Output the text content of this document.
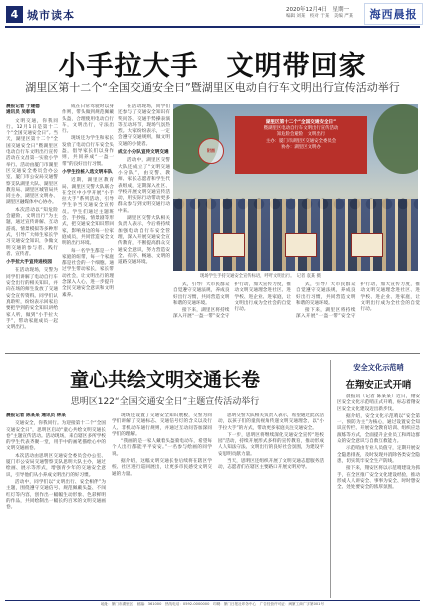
4 城市读本	2020年12月4日　星期一
编辑 刘某　校对 于某　美编 严某 海西晨报
小手拉大手　文明带回家
湖里区第十二个“全国交通安全日”暨湖里区电动自行车文明出行宣传活动举行
晨报记者 于建德
通讯员 吴彰鸿
文明交通，你我同行。12月1日是第十二个“全国交通安全日”。当天，湖里区第十二个“全国交通安全日”暨湖里区电动自行车文明出行宣传活动在文昌第一实验小学举行。活动由厦门市湖里区交通安全委员会办公室、厦门市公安局交通警察支队湖里大队、湖里区教育局、湖里区城管局共同主办，湖里区文明办、湖里区融媒体中心协办。
本次活动以“知危险会避险，文明出行”为主题，通过宣传讲解、互动游戏、情景模拟等多种形式，引导广大师生家长学习交通安全知识，争做文明交通的参与者、践行者、宣传者。
小手拉大手宣传进校园
在活动现场，交警为同学们讲解了电动自行车安全出行的相关知识，并向在场的师生发放了交通安全宣传资料。同学们认真聆听，纷纷表示回家后要把学到的安全知识讲给家人听，做到“小手拉大手”，带动家庭成员一起文明出行。
成在日常驾驶时以身作则，带头做到规范佩戴头盔，合理使用电动自行车，文明出行，守法出行。
现场还为学生和家长发放了电动自行车安全头盔，倡导家长们以身作则，共同养成“一盔一带”的良好出行习惯。
小学生拉桩入选文明车队
近期，湖里区教育局、湖里区交警大队联合在全区中小学开展“小手拉大手”系列活动，引导学生争当交通安全宣传员。学生们通过主题班会、手抄报、情景剧等形式，把交通安全知识带回家，影响身边的每一位家庭成员，共同营造安全文明的出行环境。
每一名学生都是一个家庭的纽带，每一个家庭都是社会的一个细胞。通过学生带动家长，家长带动社会，让文明出行的理念深入人心，进一步提升全民交通安全意识和文明素养。
在活动现场，同学们还参与了交通安全知识有奖问答、交通手势操表演等互动环节，现场气氛热烈。大家纷纷表示，一定会遵守交通规则，做文明交通的小使者。
成立小分队宣传文明交通
活动中，湖里区交警大队还成立了“文明交通小分队”，由交警、教师、家长志愿者和学生代表组成，定期深入社区、学校开展文明交通宣传活动，用实际行动带动更多群众参与到文明交通行动中来。
湖里区交警大队相关负责人表示，今后将持续加强电动自行车安全管理，深入开展交通安全宣传教育，不断提高群众交通安全意识，努力营造安全、有序、畅通、文明的道路交通环境。
湖里区第十二个“全国交通安全日”
暨湖里区电动自行车文明出行宣传活动
知危险会避险　文明出行
主办：厦门市湖里区交通安全委员会
协办：湖里区文明办
附图
现场学生手持交通安全宣传标语，呼吁文明出行。　记者 袁某 摄
式，引导广大市民群众自觉遵守交通法规，养成良好出行习惯，共同营造文明和谐的交通环境。
接下来，湖里区将持续深入开展“一盔一带”安全守护行动，加大宣传力度，推动文明交通理念进社区、进学校、进企业、进家庭，让文明出行成为全社会的自觉行动。
式，引导广大市民群众自觉遵守交通法规，养成良好出行习惯，共同营造文明和谐的交通环境。
接下来，湖里区将持续深入开展“一盔一带”安全守护行动，加大宣传力度，推动文明交通理念进社区、进学校、进企业、进家庭，让文明出行成为全社会的自觉行动。
童心共绘文明交通长卷
思明区122“全国交通安全日”主题宣传活动举行
晨报记者 陈某某 通讯员 林某
交通安全，你我同行。为迎接第十二个“全国交通安全日”，思明区启动“童心共绘文明交通长卷”主题宣传活动。活动现场，来自辖区多所学校的学生代表齐聚一堂，用手中的画笔描绘心中的文明交通画卷。
本次活动由思明区交通安全委员会办公室、厦门市公安局交通警察支队思明大队主办，通过绘画、展示等形式，增强青少年的交通安全意识，引导他们从小养成文明出行的好习惯。
活动中，同学们以“文明出行、安全相伴”为主题，围绕遵守交通信号、规范佩戴头盔、不闯红灯等内容，创作出一幅幅生动形象、色彩鲜明的作品，共同绘制出一幅长约百米的文明交通画卷。
现场还设置了交通安全知识展板，交警为同学们讲解了交通标志、交通信号灯的含义以及行人、非机动车通行规则，并通过互动问答加深同学们的理解。
“我画的是一家人戴着头盔骑电动车，希望每个人出行都能平平安安。”一名参与绘画的同学说。
据介绍，这幅文明交通长卷后续将在辖区学校、社区进行巡回展出，让更多市民感受文明交通的力量。
思明交警大队相关负责人表示，希望通过此次活动，以孩子们的童真视角传递文明交通理念，以“小手拉大手”的方式，带动更多家庭关注交通安全。
下一步，思明区将继续深化交通安全宣传“进校园”活动，持续开展形式多样的宣传教育，推动形成人人知法守法、文明出行的良好社会氛围，为建设平安思明贡献力量。
当天，思明区还组织开展了文明交通志愿服务活动，志愿者们在辖区主要路口开展文明劝导。
安全文化示范哨
在翔安正式开哨
晨报讯（记者 陈某某）近日，翔安区安全文化示范哨正式开哨，标志着翔安区安全文化建设迈出新步伐。
据介绍，安全文化示范哨以“安全第一、预防为主”为核心，通过设置安全知识宣传栏、开展安全教育培训、组织应急演练等方式，全面提升企业员工和周边群众的安全意识与自救互救能力。
示范哨由专业人员值守，定期开展安全隐患排查，及时发现并消除各类安全隐患，切实筑牢安全生产防线。
接下来，翔安区将以示范哨建设为抓手，在全区推广安全文化建设经验，推动形成人人讲安全、事事为安全、时时想安全、处处要安全的浓厚氛围。
地址：厦门市湖里区　邮编：361000　热线电话：0592-0000000　印刷：厦门日报社印务中心　广告经营许可证：闽厦工商广字第001号
